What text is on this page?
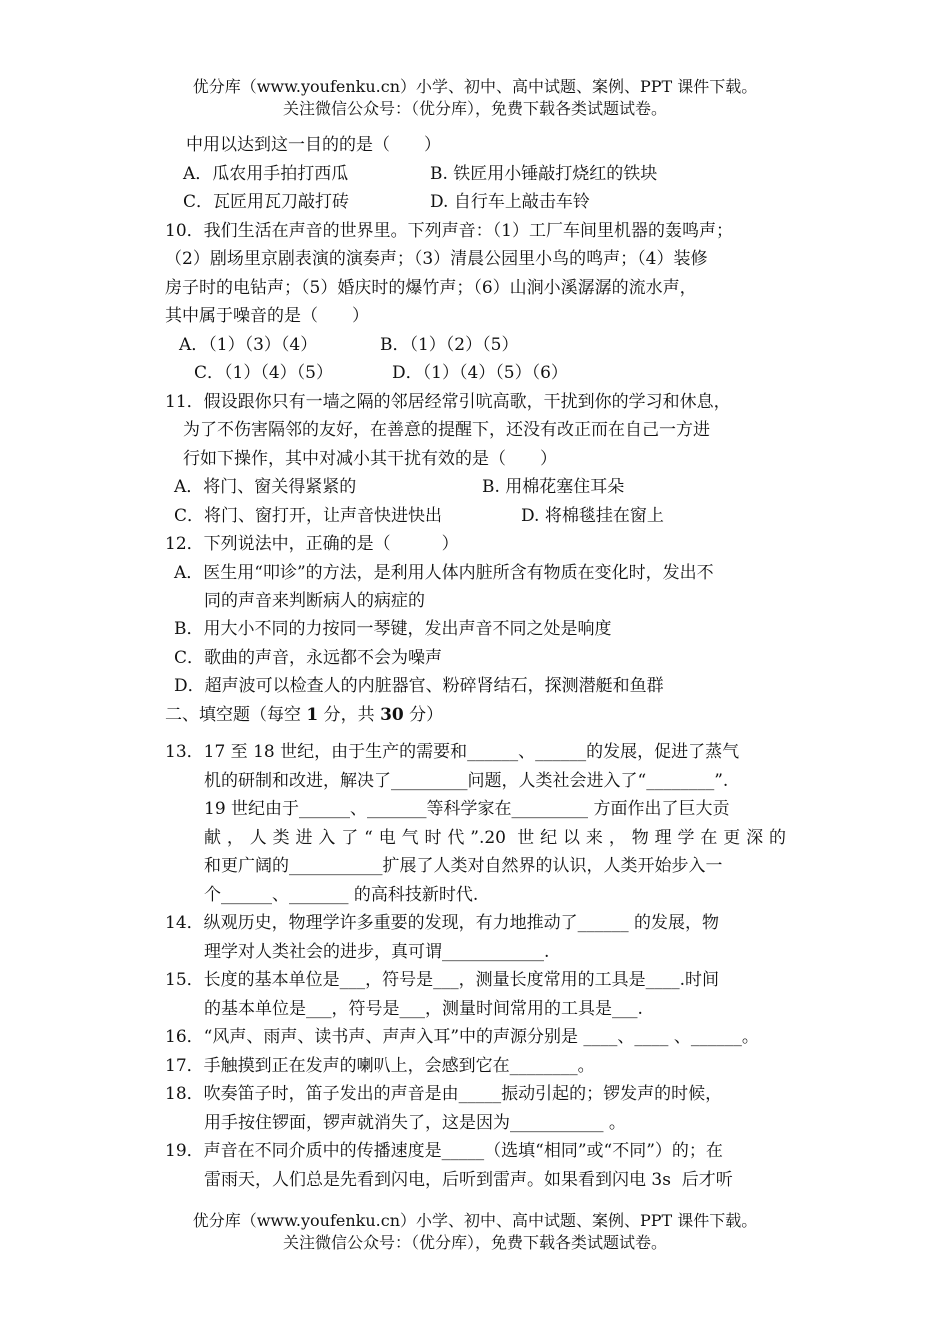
优分库（www.youfenku.cn）小学、初中、高中试题、案例、PPT 课件下载。
关注微信公众号：（优分库），免费下载各类试题试卷。
中用以达到这一目的的是（　　）
A．瓜农用手拍打西瓜	B. 铁匠用小锤敲打烧红的铁块
C．瓦匠用瓦刀敲打砖	D. 自行车上敲击车铃
10．我们生活在声音的世界里。下列声音：（1）工厂车间里机器的轰鸣声；
（2）剧场里京剧表演的演奏声；（3）清晨公园里小鸟的鸣声；（4）装修
房子时的电钻声；（5）婚庆时的爆竹声；（6）山涧小溪潺潺的流水声，
其中属于噪音的是（　　）
A．（1）（3）（4）	B．（1）（2）（5）
C．（1）（4）（5）	D．（1）（4）（5）（6）
11．假设跟你只有一墙之隔的邻居经常引吭高歌，干扰到你的学习和休息，
为了不伤害隔邻的友好，在善意的提醒下，还没有改正而在自己一方进
行如下操作，其中对减小其干扰有效的是（　　）
A．将门、窗关得紧紧的	B. 用棉花塞住耳朵
C．将门、窗打开，让声音快进快出	D. 将棉毯挂在窗上
12．下列说法中，正确的是（　　　）
A．医生用“叩诊”的方法，是利用人体内脏所含有物质在变化时，发出不
同的声音来判断病人的病症的
B．用大小不同的力按同一琴键，发出声音不同之处是响度
C．歌曲的声音，永远都不会为噪声
D．超声波可以检查人的内脏器官、粉碎肾结石，探测潜艇和鱼群
二、填空题（每空 1 分，共 30 分）
13．17 至 18 世纪，由于生产的需要和______、______的发展，促进了蒸气
机的研制和改进，解决了_________问题，人类社会进入了“________”.
19 世纪由于______、_______等科学家在_________ 方面作出了巨大贡
献，人类进入了“电气时代”.20 世纪以来，物理学在更深的
和更广阔的___________扩展了人类对自然界的认识，人类开始步入一
个______、_______ 的高科技新时代.
14．纵观历史，物理学许多重要的发现，有力地推动了______ 的发展，物
理学对人类社会的进步，真可谓____________.
15．长度的基本单位是___，符号是___，测量长度常用的工具是____.时间
的基本单位是___，符号是___，测量时间常用的工具是___.
16．“风声、雨声、读书声、声声入耳”中的声源分别是 ____、____ 、______。
17．手触摸到正在发声的喇叭上，会感到它在________。
18．吹奏笛子时，笛子发出的声音是由_____振动引起的；锣发声的时候，
用手按住锣面，锣声就消失了，这是因为___________ 。
19．声音在不同介质中的传播速度是_____（选填“相同”或“不同”）的；在
雷雨天，人们总是先看到闪电，后听到雷声。如果看到闪电 3s  后才听
优分库（www.youfenku.cn）小学、初中、高中试题、案例、PPT 课件下载。
关注微信公众号：（优分库），免费下载各类试题试卷。
